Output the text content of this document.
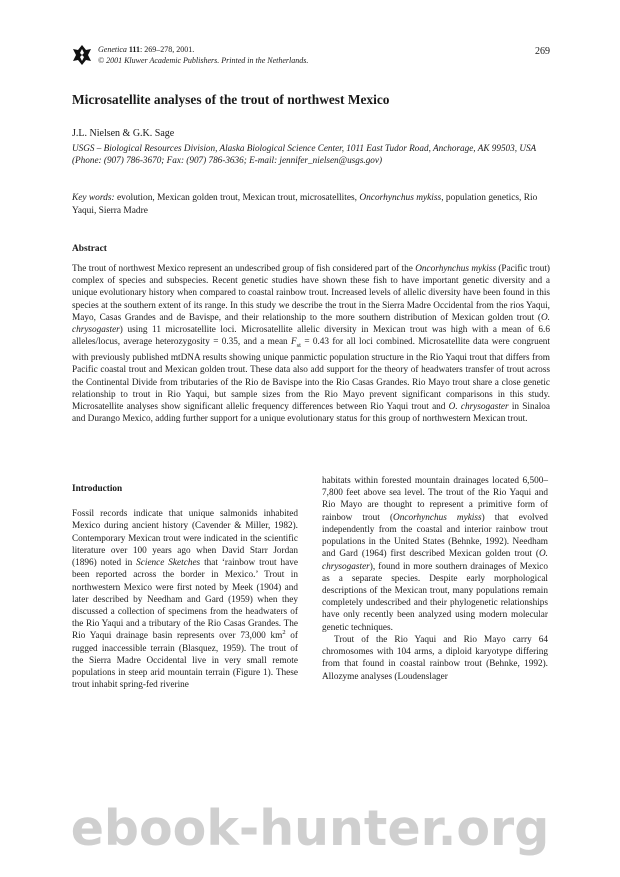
Genetica 111: 269–278, 2001.
© 2001 Kluwer Academic Publishers. Printed in the Netherlands.
269
Microsatellite analyses of the trout of northwest Mexico
J.L. Nielsen & G.K. Sage
USGS – Biological Resources Division, Alaska Biological Science Center, 1011 East Tudor Road, Anchorage, AK 99503, USA (Phone: (907) 786-3670; Fax: (907) 786-3636; E-mail: jennifer_nielsen@usgs.gov)
Key words: evolution, Mexican golden trout, Mexican trout, microsatellites, Oncorhynchus mykiss, population genetics, Rio Yaqui, Sierra Madre
Abstract
The trout of northwest Mexico represent an undescribed group of fish considered part of the Oncorhynchus mykiss (Pacific trout) complex of species and subspecies. Recent genetic studies have shown these fish to have important genetic diversity and a unique evolutionary history when compared to coastal rainbow trout. Increased levels of allelic diversity have been found in this species at the southern extent of its range. In this study we describe the trout in the Sierra Madre Occidental from the rios Yaqui, Mayo, Casas Grandes and de Bavispe, and their relationship to the more southern distribution of Mexican golden trout (O. chrysogaster) using 11 microsatellite loci. Microsatellite allelic diversity in Mexican trout was high with a mean of 6.6 alleles/locus, average heterozygosity = 0.35, and a mean $F_{st} = 0.43$ for all loci combined. Microsatellite data were congruent with previously published mtDNA results showing unique panmictic population structure in the Rio Yaqui trout that differs from Pacific coastal trout and Mexican golden trout. These data also add support for the theory of headwaters transfer of trout across the Continental Divide from tributaries of the Rio de Bavispe into the Rio Casas Grandes. Rio Mayo trout share a close genetic relationship to trout in Rio Yaqui, but sample sizes from the Rio Mayo prevent significant comparisons in this study. Microsatellite analyses show significant allelic frequency differences between Rio Yaqui trout and O. chrysogaster in Sinaloa and Durango Mexico, adding further support for a unique evolutionary status for this group of northwestern Mexican trout.

Introduction

Fossil records indicate that unique salmonids inhabited Mexico during ancient history (Cavender & Miller, 1982). Contemporary Mexican trout were indicated in the scientific literature over 100 years ago when David Starr Jordan (1896) noted in Science Sketches that ‘rainbow trout have been reported across the border in Mexico.’ Trout in northwestern Mexico were first noted by Meek (1904) and later described by Needham and Gard (1959) when they discussed a collection of specimens from the headwaters of the Rio Yaqui and a tributary of the Rio Casas Grandes. The Rio Yaqui drainage basin represents over 73,000 $km^2$ of rugged inaccessible terrain (Blasquez, 1959). The trout of the Sierra Madre Occidental live in very small remote populations in steep arid mountain terrain (Figure 1). These trout inhabit spring-fed riverine

habitats within forested mountain drainages located 6,500–7,800 feet above sea level. The trout of the Rio Yaqui and Rio Mayo are thought to represent a primitive form of rainbow trout (Oncorhynchus mykiss) that evolved independently from the coastal and interior rainbow trout populations in the United States (Behnke, 1992). Needham and Gard (1964) first described Mexican golden trout (O. chrysogaster), found in more southern drainages of Mexico as a separate species. Despite early morphological descriptions of the Mexican trout, many populations remain completely undescribed and their phylogenetic relationships have only recently been analyzed using modern molecular genetic techniques.

Trout of the Rio Yaqui and Rio Mayo carry 64 chromosomes with 104 arms, a diploid karyotype differing from that found in coastal rainbow trout (Behnke, 1992). Allozyme analyses (Loudenslager

ebook-hunter.org
